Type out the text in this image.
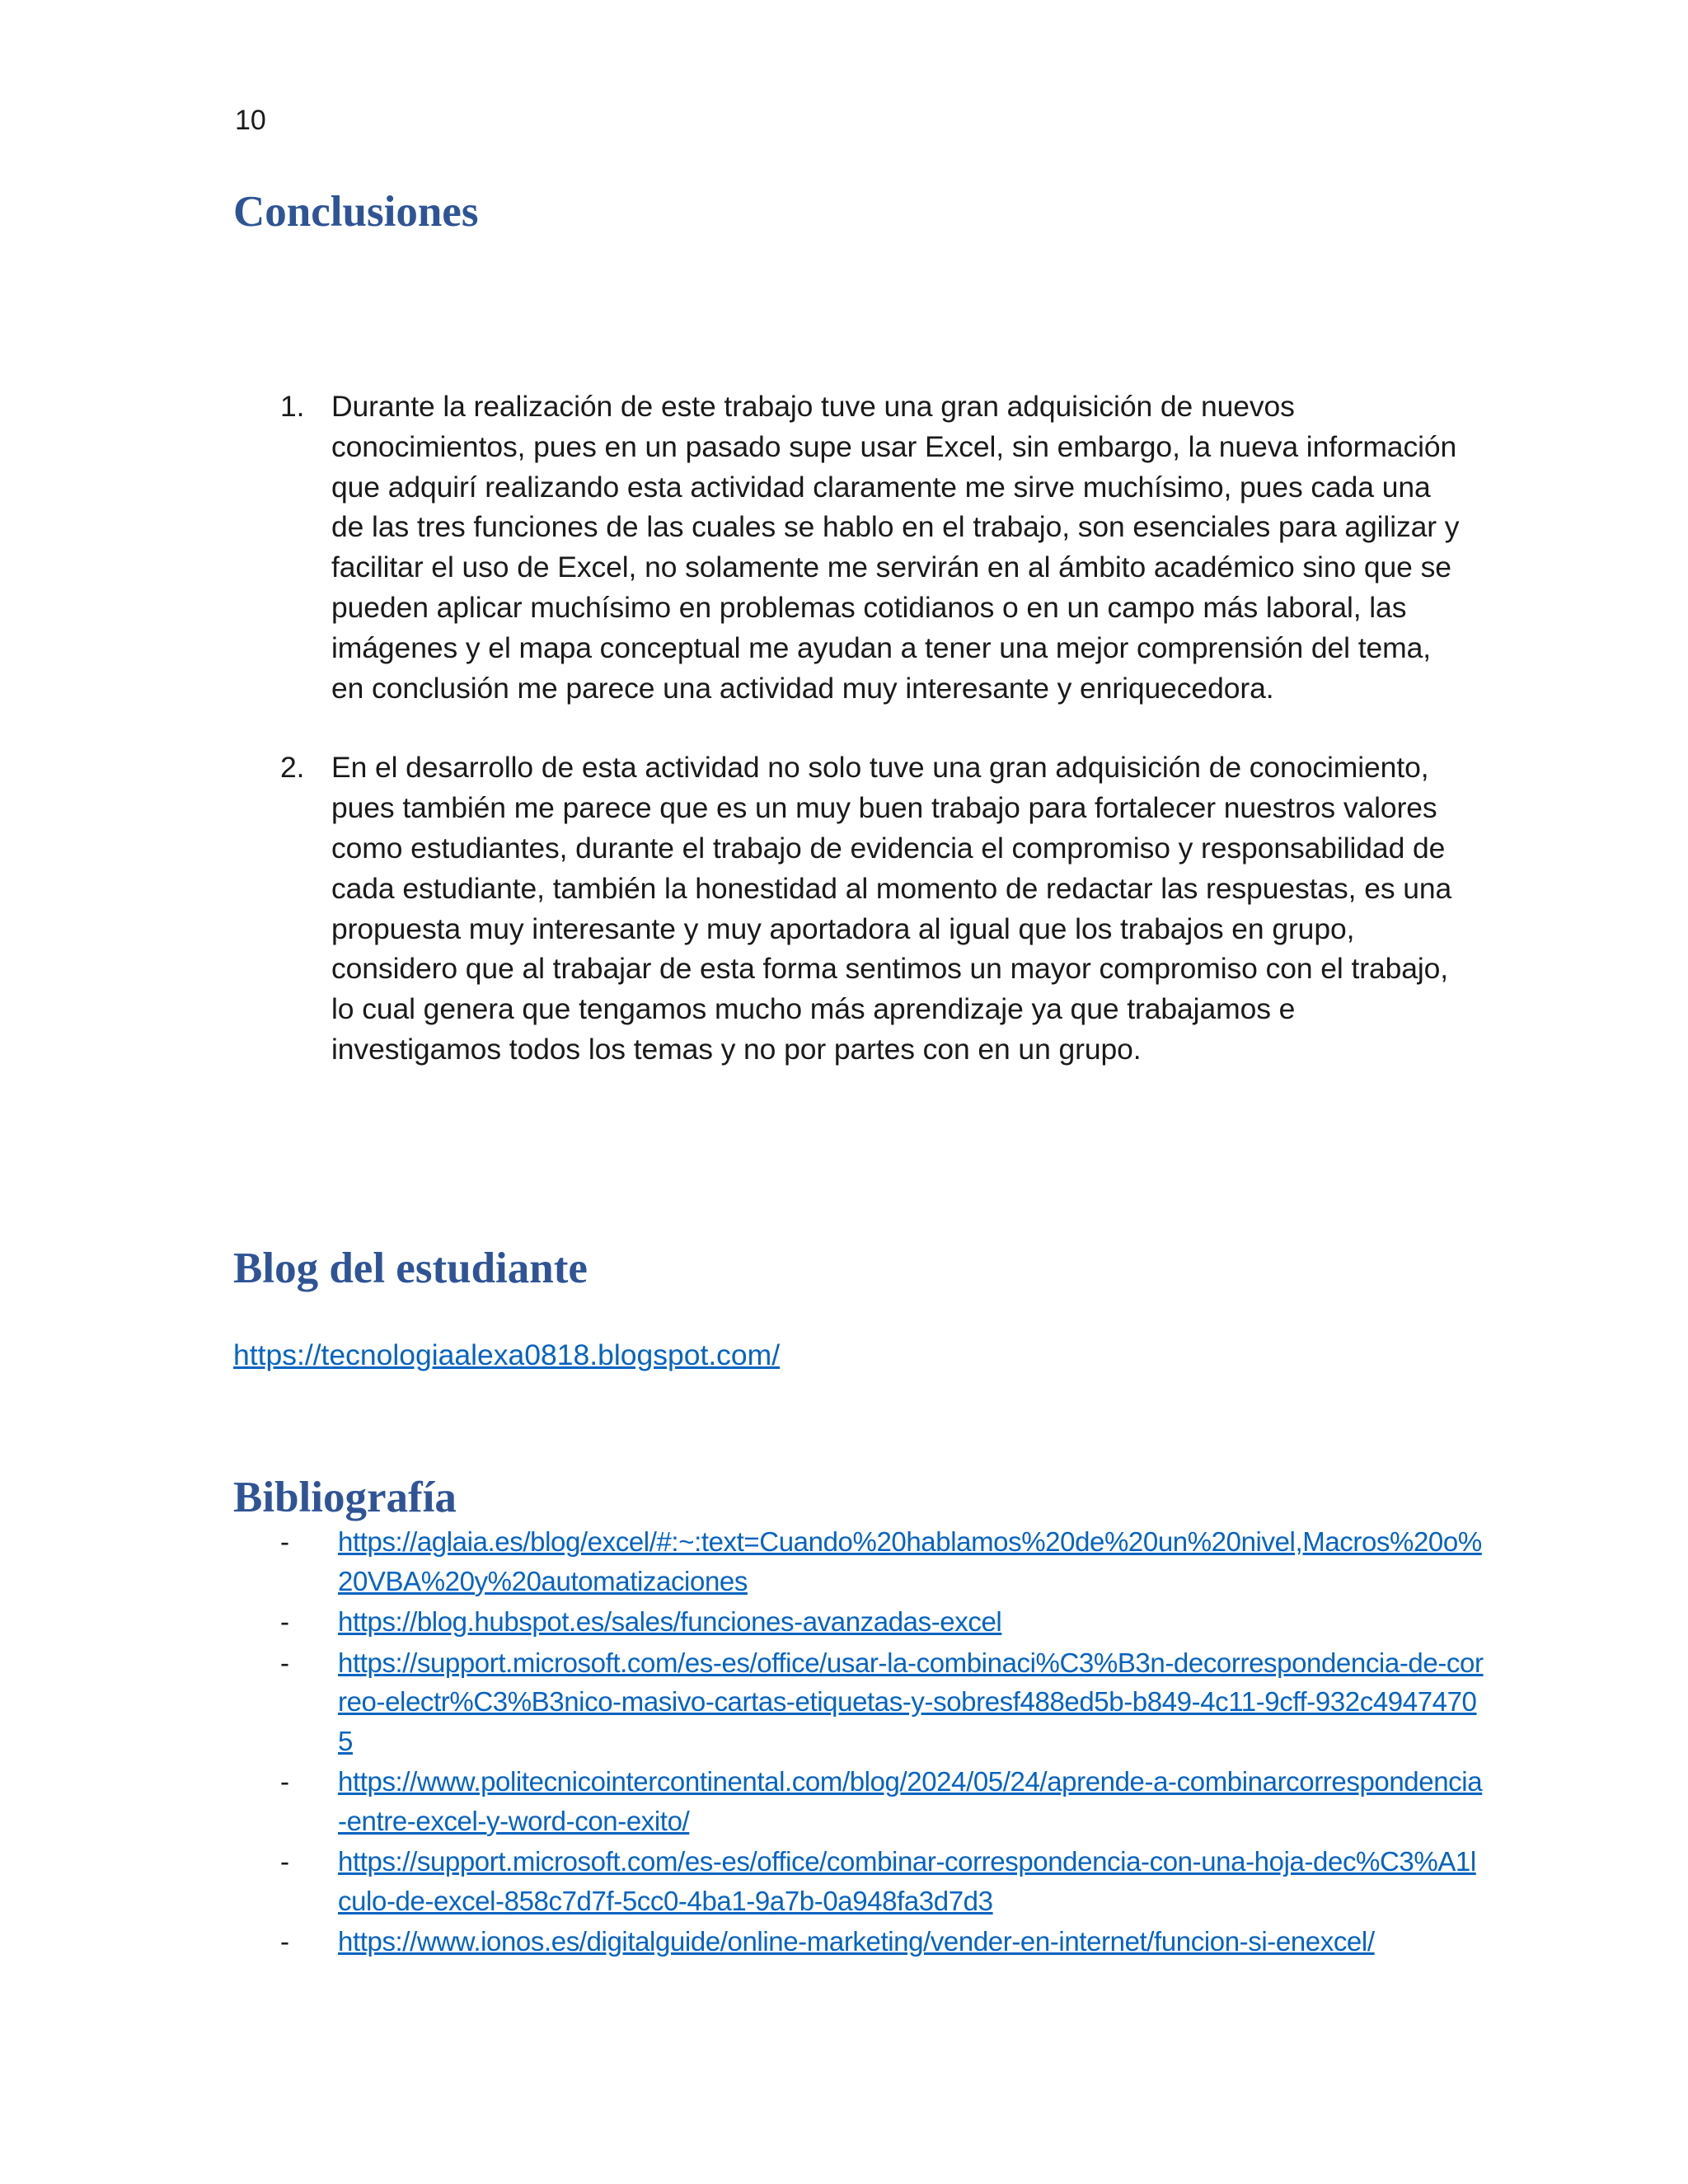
10
Conclusiones
1. Durante la realización de este trabajo tuve una gran adquisición de nuevos conocimientos, pues en un pasado supe usar Excel, sin embargo, la nueva información que adquirí realizando esta actividad claramente me sirve muchísimo, pues cada una de las tres funciones de las cuales se hablo en el trabajo, son esenciales para agilizar y facilitar el uso de Excel, no solamente me servirán en al ámbito académico sino que se pueden aplicar muchísimo en problemas cotidianos o en un campo más laboral, las imágenes y el mapa conceptual me ayudan a tener una mejor comprensión del tema, en conclusión me parece una actividad muy interesante y enriquecedora.
2. En el desarrollo de esta actividad no solo tuve una gran adquisición de conocimiento, pues también me parece que es un muy buen trabajo para fortalecer nuestros valores como estudiantes, durante el trabajo de evidencia el compromiso y responsabilidad de cada estudiante, también la honestidad al momento de redactar las respuestas, es una propuesta muy interesante y muy aportadora al igual que los trabajos en grupo, considero que al trabajar de esta forma sentimos un mayor compromiso con el trabajo, lo cual genera que tengamos mucho más aprendizaje ya que trabajamos e investigamos todos los temas y no por partes con en un grupo.
Blog del estudiante
https://tecnologiaalexa0818.blogspot.com/
Bibliografía
- https://aglaia.es/blog/excel/#:~:text=Cuando%20hablamos%20de%20un%20nivel,Macros%20o%20VBA%20y%20automatizaciones
- https://blog.hubspot.es/sales/funciones-avanzadas-excel
- https://support.microsoft.com/es-es/office/usar-la-combinaci%C3%B3n-decorrespondencia-de-correo-electr%C3%B3nico-masivo-cartas-etiquetas-y-sobresf488ed5b-b849-4c11-9cff-932c49474705
- https://www.politecnicointercontinental.com/blog/2024/05/24/aprende-a-combinarcorrespondencia-entre-excel-y-word-con-exito/
- https://support.microsoft.com/es-es/office/combinar-correspondencia-con-una-hoja-dec%C3%A1lculo-de-excel-858c7d7f-5cc0-4ba1-9a7b-0a948fa3d7d3
- https://www.ionos.es/digitalguide/online-marketing/vender-en-internet/funcion-si-enexcel/
